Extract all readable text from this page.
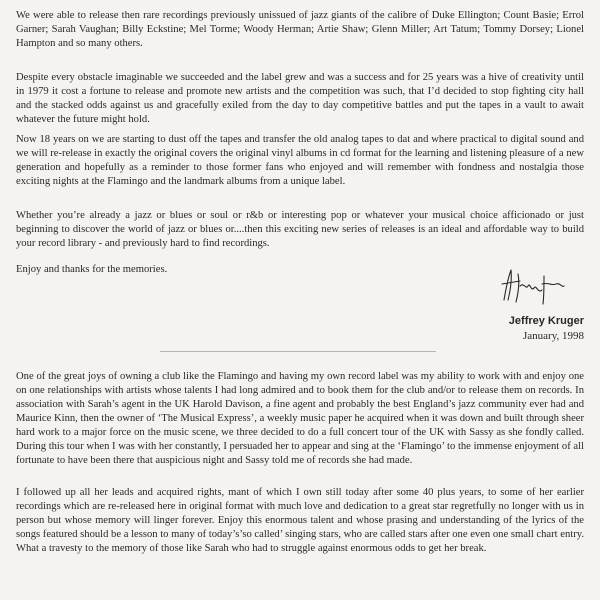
We were able to release then rare recordings previously unissued of jazz giants of the calibre of Duke Ellington; Count Basie; Errol Garner; Sarah Vaughan; Billy Eckstine; Mel Torme; Woody Herman; Artie Shaw; Glenn Miller; Art Tatum; Tommy Dorsey; Lionel Hampton and so many others.

Despite every obstacle imaginable we succeeded and the label grew and was a success and for 25 years was a hive of creativity until in 1979 it cost a fortune to release and promote new artists and the competition was such, that I’d decided to stop fighting city hall and the stacked odds against us and gracefully exiled from the day to day competitive battles and put the tapes in a vault to await whatever the future might hold.

Now 18 years on we are starting to dust off the tapes and transfer the old analog tapes to dat and where practical to digital sound and we will re-release in exactly the original covers the original vinyl albums in cd format for the learning and listening pleasure of a new generation and hopefully as a reminder to those former fans who enjoyed and will remember with fondness and nostalgia those exciting nights at the Flamingo and the landmark albums from a unique label.

Whether you’re already a jazz or blues or soul or r&b or interesting pop or whatever your musical choice afficionado or just beginning to discover the world of jazz or blues or....then this exciting new series of releases is an ideal and affordable way to build your record library - and previously hard to find recordings.

Enjoy and thanks for the memories.

Jeffrey Kruger
January, 1998

One of the great joys of owning a club like the Flamingo and having my own record label was my ability to work with and enjoy one on one relationships with artists whose talents I had long admired and to book them for the club and/or to release them on records. In association with Sarah’s agent in the UK Harold Davison, a fine agent and probably the best England’s jazz community ever had and Maurice Kinn, then the owner of ‘The Musical Express’, a weekly music paper he acquired when it was down and built through sheer hard work to a major force on the music scene, we three decided to do a full concert tour of the UK with Sassy as she fondly called. During this tour when I was with her constantly, I persuaded her to appear and sing at the ‘Flamingo’ to the immense enjoyment of all fortunate to have been there that auspicious night and Sassy told me of records she had made.

I followed up all her leads and acquired rights, mant of which I own still today after some 40 plus years, to some of her earlier recordings which are re-released here in original format with much love and dedication to a great star regretfully no longer with us in person but whose memory will linger forever. Enjoy this enormous talent and whose prasing and understanding of the lyrics of the songs featured should be a lesson to many of today’s’so called’ singing stars, who are called stars after one even one small chart entry. What a travesty to the memory of those like Sarah who had to struggle against enormous odds to get her break.
